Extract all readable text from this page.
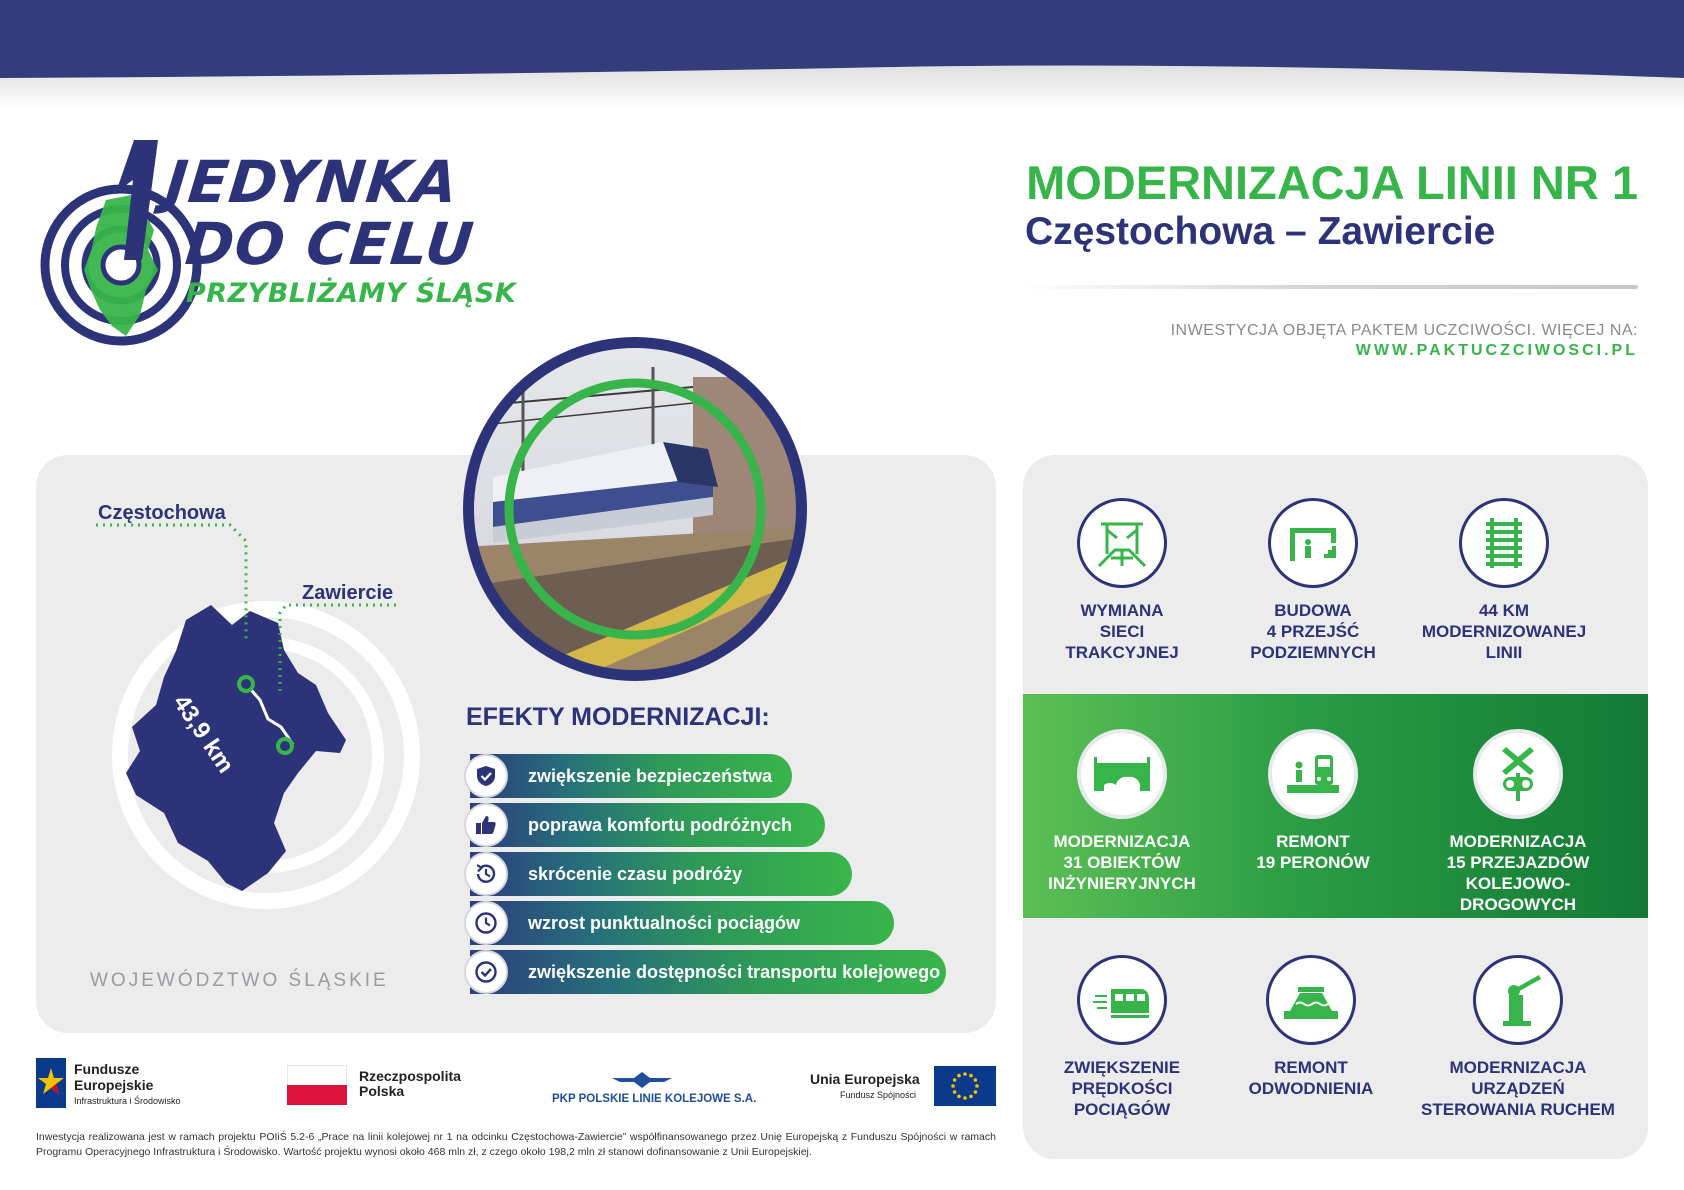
JEDYNKA
DO CELU
PRZYBLIŻAMY ŚLĄSK
MODERNIZACJA LINII NR 1
Częstochowa – Zawiercie
INWESTYCJA OBJĘTA PAKTEM UCZCIWOŚCI. WIĘCEJ NA:
WWW.PAKTUCZCIWOSCI.PL
Częstochowa
Zawiercie
43,9 km
WOJEWÓDZTWO ŚLĄSKIE
EFEKTY MODERNIZACJI:
zwiększenie bezpieczeństwa
poprawa komfortu podróżnych
skrócenie czasu podróży
wzrost punktualności pociągów
zwiększenie dostępności transportu kolejowego
WYMIANA
SIECI
TRAKCYJNEJ
BUDOWA
4 PRZEJŚĆ
PODZIEMNYCH
44 KM
MODERNIZOWANEJ
LINII
MODERNIZACJA
31 OBIEKTÓW
INŻYNIERYJNYCH
REMONT
19 PERONÓW
MODERNIZACJA
15 PRZEJAZDÓW
KOLEJOWO-DROGOWYCH
ZWIĘKSZENIE
PRĘDKOŚCI
POCIĄGÓW
REMONT
ODWODNIENIA
MODERNIZACJA
URZĄDZEŃ
STEROWANIA RUCHEM
Fundusze
Europejskie
Infrastruktura i Środowisko
Rzeczpospolita
Polska	PKP POLSKIE LINIE KOLEJOWE S.A.
Unia Europejska
Fundusz Spójności
Inwestycja realizowana jest w ramach projektu POIiŚ 5.2-6 „Prace na linii kolejowej nr 1 na odcinku Częstochowa-Zawiercie” współfinansowanego przez Unię Europejską z Funduszu Spójności w ramach Programu Operacyjnego Infrastruktura i Środowisko. Wartość projektu wynosi około 468 mln zł, z czego około 198,2 mln zł stanowi dofinansowanie z Unii Europejskiej.
